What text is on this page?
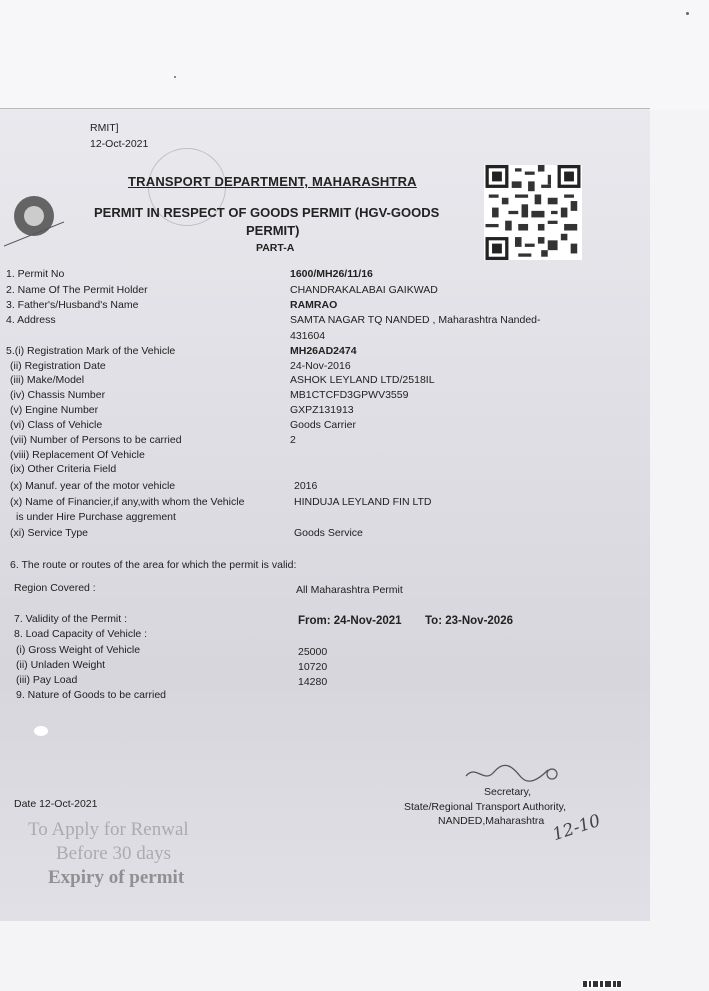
RMIT]
12-Oct-2021
TRANSPORT DEPARTMENT, MAHARASHTRA
PERMIT IN RESPECT OF GOODS PERMIT (HGV-GOODS
PERMIT)
PART-A
1. Permit No	1600/MH26/11/16
2. Name Of The Permit Holder	CHANDRAKALABAI GAIKWAD
3. Father's/Husband's Name	RAMRAO
4. Address	SAMTA NAGAR TQ NANDED , Maharashtra Nanded-
431604
5.(i) Registration Mark of the Vehicle	MH26AD2474
(ii) Registration Date	24-Nov-2016
(iii) Make/Model	ASHOK LEYLAND LTD/2518IL
(iv) Chassis Number	MB1CTCFD3GPWV3559
(v) Engine Number	GXPZ131913
(vi) Class of Vehicle	Goods Carrier
(vii) Number of Persons to be carried	2
(viii) Replacement Of Vehicle
(ix) Other Criteria Field
(x) Manuf. year of the motor vehicle	2016
(x) Name of Financier,if any,with whom the Vehicle
is under Hire Purchase aggrement
HINDUJA LEYLAND FIN LTD
(xi) Service Type	Goods Service
6. The route or routes of the area for which the permit is valid:
Region Covered :	All Maharashtra Permit
7. Validity of the Permit :	From: 24-Nov-2021 To: 23-Nov-2026
8. Load Capacity of Vehicle :
(i) Gross Weight of Vehicle	25000
(ii) Unladen Weight	10720
(iii) Pay Load	14280
9. Nature of Goods to be carried
Date 12-Oct-2021
Secretary,
State/Regional Transport Authority,
NANDED,Maharashtra 12-10
To Apply for Renwal
Before 30 days
Expiry of permit
